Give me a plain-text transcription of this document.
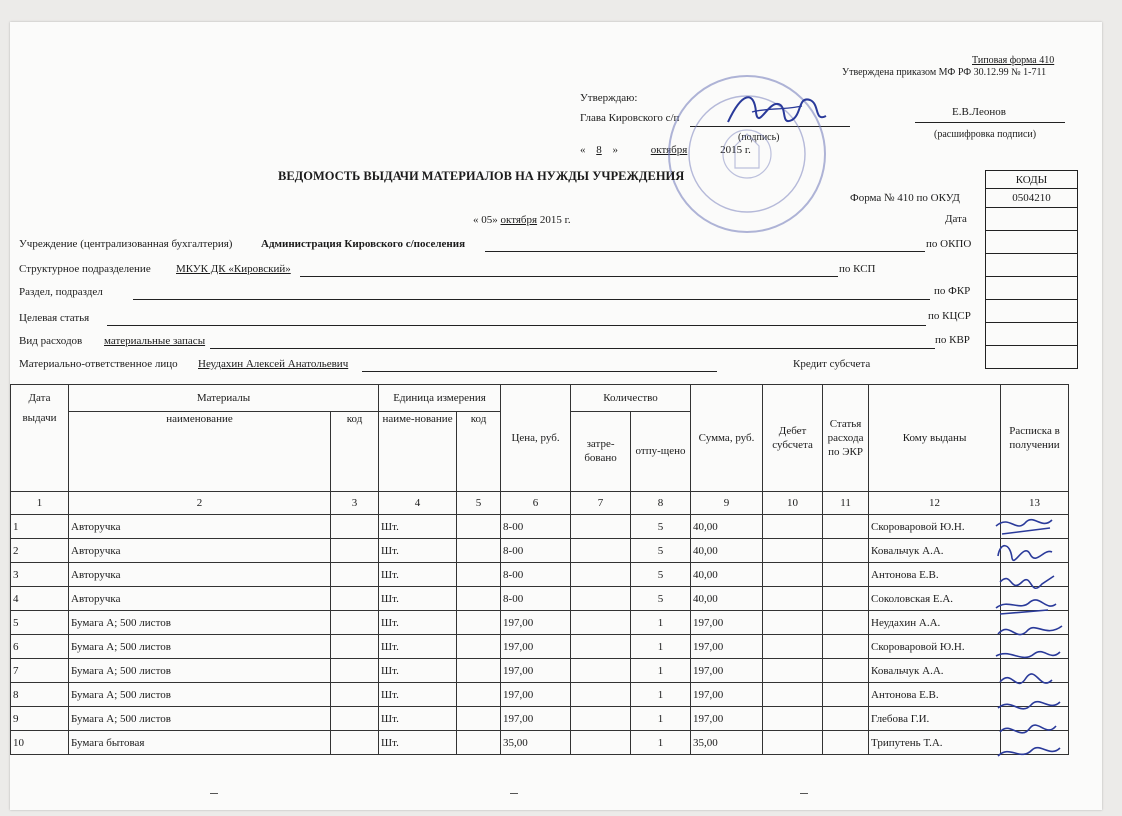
Типовая форма 410
Утверждена приказом МФ РФ 30.12.99 № 1-711
Утверждаю:
Глава Кировского с/п
(подпись)
Е.В.Леонов
(расшифровка подписи)
« 8 »	октября	2015 г.
ВЕДОМОСТЬ ВЫДАЧИ МАТЕРИАЛОВ НА НУЖДЫ УЧРЕЖДЕНИЯ	КОДЫ
0504210

Форма № 410 по ОКУД
Дата
« 05» октября 2015 г.
Учреждение (централизованная бухгалтерия)	Администрация Кировского с/поселения	по ОКПО
Структурное подразделение МКУК ДК «Кировский»	по КСП
Раздел, подраздел	по ФКР
Целевая статья	по КЦСР
Вид расходов материальные запасы	по КВР
Материально-ответственное лицо Неудахин Алексей Анатольевич	Кредит субсчета
Дата	Материалы		Единица измерения		Цена, руб.	Количество		Сумма, руб.	Дебет субсчета	Статья расхода по ЭКР	Кому выданы	Расписка в получении
выдачи	наименование	код	наиме-нование	код		затре-бовано	отпу-щено					
1	2	3	4	5	6	7	8	9	10	11	12	13
1	Авторучка		Шт.		8-00		5	40,00			Скороваровой Ю.Н.	
2	Авторучка		Шт.		8-00		5	40,00			Ковальчук А.А.	
3	Авторучка		Шт.		8-00		5	40,00			Антонова Е.В.	
4	Авторучка		Шт.		8-00		5	40,00			Соколовская Е.А.	
5	Бумага А; 500 листов		Шт.		197,00		1	197,00			Неудахин А.А.	
6	Бумага А; 500 листов		Шт.		197,00		1	197,00			Скороваровой Ю.Н.	
7	Бумага А; 500 листов		Шт.		197,00		1	197,00			Ковальчук А.А.	
8	Бумага А; 500 листов		Шт.		197,00		1	197,00			Антонова Е.В.	
9	Бумага А; 500 листов		Шт.		197,00		1	197,00			Глебова Г.И.	
10	Бумага бытовая		Шт.		35,00		1	35,00			Трипутень Т.А.	
